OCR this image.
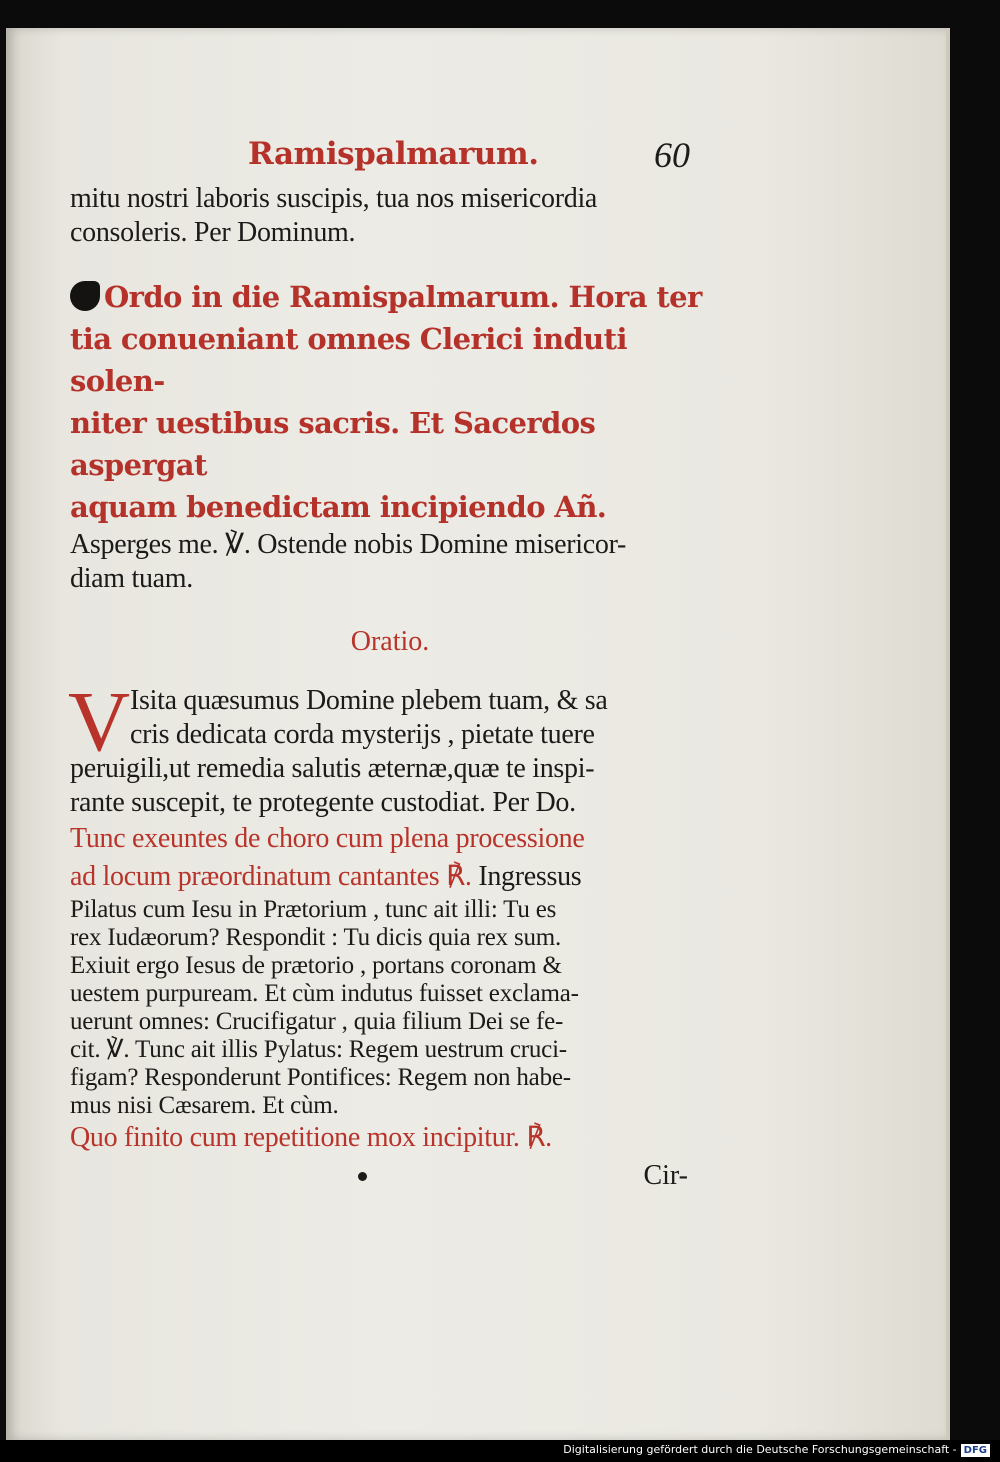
Ramispalmarum.	60
mitu nostri laboris suscipis, tua nos misericordia
consoleris. Per Dominum.
Ordo in die Ramispalmarum. Hora ter
tia conueniant omnes Clerici induti solen-
niter uestibus sacris. Et Sacerdos aspergat
aquam benedictam incipiendo Añ.
Asperges me. ℣. Ostende nobis Domine misericor-
diam tuam.
Oratio.
V Isita quæsumus Domine plebem tuam, & sa
cris dedicata corda mysterijs , pietate tuere
peruigili,ut remedia salutis æternæ,quæ te inspi-
rante suscepit, te protegente custodiat. Per Do.
Tunc exeuntes de choro cum plena processione
ad locum præordinatum cantantes ℟. Ingressus
Pilatus cum Iesu in Prætorium , tunc ait illi: Tu es
rex Iudæorum? Respondit : Tu dicis quia rex sum.
Exiuit ergo Iesus de prætorio , portans coronam &
uestem purpuream. Et cùm indutus fuisset exclama-
uerunt omnes: Crucifigatur , quia filium Dei se fe-
cit. ℣. Tunc ait illis Pylatus: Regem uestrum cruci-
figam? Responderunt Pontifices: Regem non habe-
mus nisi Cæsarem. Et cùm.
Quo finito cum repetitione mox incipitur. ℟.
Cir-
Digitalisierung gefördert durch die Deutsche Forschungsgemeinschaft - DFG
